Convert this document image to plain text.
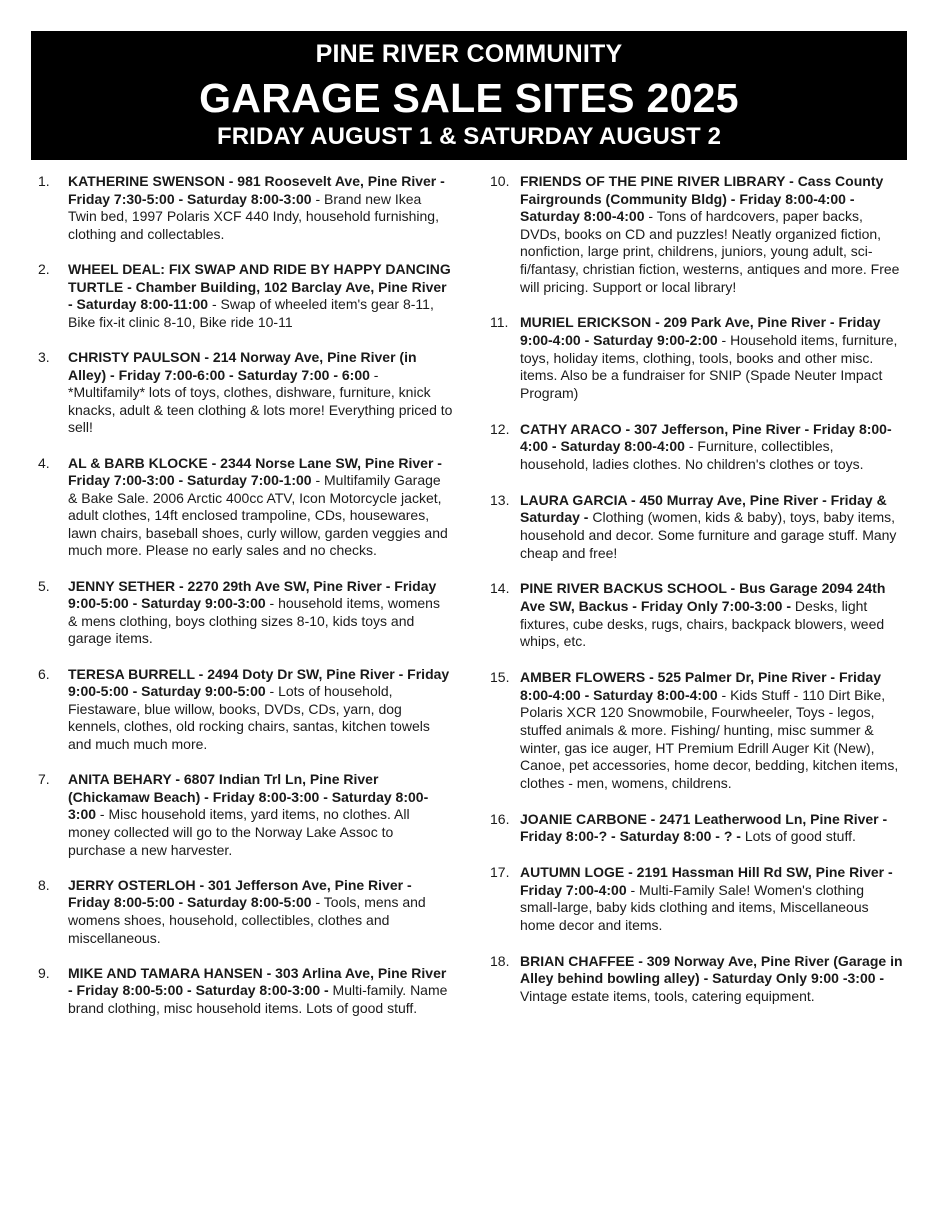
PINE RIVER COMMUNITY
GARAGE SALE SITES 2025
FRIDAY AUGUST 1 & SATURDAY AUGUST 2
1. KATHERINE SWENSON - 981 Roosevelt Ave, Pine River - Friday 7:30-5:00 - Saturday 8:00-3:00 - Brand new Ikea Twin bed, 1997 Polaris XCF 440 Indy, household furnishing, clothing and collectables.
2. WHEEL DEAL: FIX SWAP AND RIDE BY HAPPY DANCING TURTLE - Chamber Building, 102 Barclay Ave, Pine River - Saturday 8:00-11:00 - Swap of wheeled item's gear 8-11, Bike fix-it clinic 8-10, Bike ride 10-11
3. CHRISTY PAULSON - 214 Norway Ave, Pine River (in Alley) - Friday 7:00-6:00 - Saturday 7:00 - 6:00 - *Multifamily* lots of toys, clothes, dishware, furniture, knick knacks, adult & teen clothing & lots more! Everything priced to sell!
4. AL & BARB KLOCKE - 2344 Norse Lane SW, Pine River - Friday 7:00-3:00 - Saturday 7:00-1:00 - Multifamily Garage & Bake Sale. 2006 Arctic 400cc ATV, Icon Motorcycle jacket, adult clothes, 14ft enclosed trampoline, CDs, housewares, lawn chairs, baseball shoes, curly willow, garden veggies and much more. Please no early sales and no checks.
5. JENNY SETHER - 2270 29th Ave SW, Pine River - Friday 9:00-5:00 - Saturday 9:00-3:00 - household items, womens & mens clothing, boys clothing sizes 8-10, kids toys and garage items.
6. TERESA BURRELL - 2494 Doty Dr SW, Pine River - Friday 9:00-5:00 - Saturday 9:00-5:00 - Lots of household, Fiestaware, blue willow, books, DVDs, CDs, yarn, dog kennels, clothes, old rocking chairs, santas, kitchen towels and much much more.
7. ANITA BEHARY - 6807 Indian Trl Ln, Pine River (Chickamaw Beach) - Friday 8:00-3:00 - Saturday 8:00-3:00 - Misc household items, yard items, no clothes. All money collected will go to the Norway Lake Assoc to purchase a new harvester.
8. JERRY OSTERLOH - 301 Jefferson Ave, Pine River - Friday 8:00-5:00 - Saturday 8:00-5:00 - Tools, mens and womens shoes, household, collectibles, clothes and miscellaneous.
9. MIKE AND TAMARA HANSEN - 303 Arlina Ave, Pine River - Friday 8:00-5:00 - Saturday 8:00-3:00 - Multi-family. Name brand clothing, misc household items. Lots of good stuff.
10. FRIENDS OF THE PINE RIVER LIBRARY - Cass County Fairgrounds (Community Bldg) - Friday 8:00-4:00 - Saturday 8:00-4:00 - Tons of hardcovers, paper backs, DVDs, books on CD and puzzles! Neatly organized fiction, nonfiction, large print, childrens, juniors, young adult, sci-fi/fantasy, christian fiction, westerns, antiques and more. Free will pricing. Support or local library!
11. MURIEL ERICKSON - 209 Park Ave, Pine River - Friday 9:00-4:00 - Saturday 9:00-2:00 - Household items, furniture, toys, holiday items, clothing, tools, books and other misc. items. Also be a fundraiser for SNIP (Spade Neuter Impact Program)
12. CATHY ARACO - 307 Jefferson, Pine River - Friday 8:00-4:00 - Saturday 8:00-4:00 - Furniture, collectibles, household, ladies clothes. No children's clothes or toys.
13. LAURA GARCIA - 450 Murray Ave, Pine River - Friday & Saturday - Clothing (women, kids & baby), toys, baby items, household and decor. Some furniture and garage stuff. Many cheap and free!
14. PINE RIVER BACKUS SCHOOL - Bus Garage 2094 24th Ave SW, Backus - Friday Only 7:00-3:00 - Desks, light fixtures, cube desks, rugs, chairs, backpack blowers, weed whips, etc.
15. AMBER FLOWERS - 525 Palmer Dr, Pine River - Friday 8:00-4:00 - Saturday 8:00-4:00 - Kids Stuff - 110 Dirt Bike, Polaris XCR 120 Snowmobile, Fourwheeler, Toys - legos, stuffed animals & more. Fishing/ hunting, misc summer & winter, gas ice auger, HT Premium Edrill Auger Kit (New), Canoe, pet accessories, home decor, bedding, kitchen items, clothes - men, womens, childrens.
16. JOANIE CARBONE - 2471 Leatherwood Ln, Pine River - Friday 8:00-? - Saturday 8:00 - ? - Lots of good stuff.
17. AUTUMN LOGE - 2191 Hassman Hill Rd SW, Pine River - Friday 7:00-4:00 - Multi-Family Sale! Women's clothing small-large, baby kids clothing and items, Miscellaneous home decor and items.
18. BRIAN CHAFFEE - 309 Norway Ave, Pine River (Garage in Alley behind bowling alley) - Saturday Only 9:00 -3:00 - Vintage estate items, tools, catering equipment.
